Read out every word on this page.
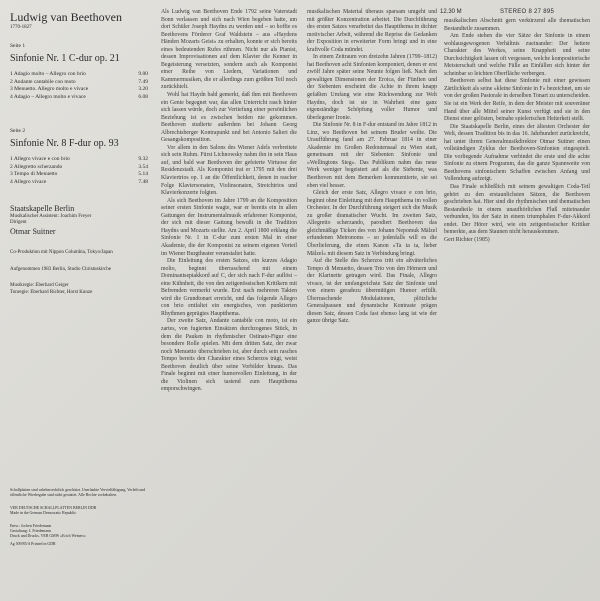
Ludwig van Beethoven
1770-1827
Seite 1
Sinfonie Nr. 1 C-dur op. 21
1 Adagio molto – Allegro con brio	9.00
2 Andante cantabile con moto	7.49
3 Menuetto. Allegro molto e vivace	3.20
4 Adagio – Allegro molto e vivace	6.08
Seite 2
Sinfonie Nr. 8 F-dur op. 93
1 Allegro vivace e con brio	9.32
2 Allegretto scherzando	3.54
3 Tempo di Menuetto	5.14
4 Allegro vivace	7.48
Staatskapelle Berlin
Musikalischer Assistent: Joachim Freyer
Dirigent
Otmar Suitner

Co-Produktion mit Nippon Columbia, Tokyo/Japan

Aufgenommen 1983 Berlin, Studio Christuskirche

Musikregie: Eberhard Geiger
Tonregie: Eberhard Richter, Horst Kunze

Schallplatten sind urheberrechtlich geschützt. Unerlaubte Vervielfältigung, Verleih und öffentliche Wiedergabe sind nicht gestattet. Alle Rechte vorbehalten.

VEB DEUTSCHE SCHALLPLATTEN BERLIN DDR
Made in the German Democratic Republic

Entw.: Jochen Friedemann
Gestaltung: J. Friedemann
Druck und Drucks. VEB GMW »Erich Weinert«

Ag 509/85/A Printed in GDR

12.30 M	STEREO 8 27 895

Als Ludwig van Beethoven Ende 1792 seine Vaterstadt Bonn verlassen und sich nach Wien begeben hatte, um dort Schüler Joseph Haydns zu werden und – so hoffte es Beethovens Förderer Graf Waldstein – aus »Haydens Händen Mozarts Geist« zu erhalten, konnte er sich bereits eines bedeutenden Rufes rühmen. Nicht nur als Pianist, dessen Improvisationen auf dem Klavier die Kenner in Begeisterung versetzten, sondern auch als Komponist einer Reihe von Liedern, Variationen und Kammermusiken, die er allerdings zum größten Teil noch zurückhielt.

Wohl hat Haydn bald gemerkt, daß ihm mit Beethoven ein Genie begegnet war, das allen Unterricht rasch hinter sich lassen würde, doch zur Vertiefung einer persönlichen Beziehung ist es zwischen beiden nie gekommen. Beethoven studierte außerdem bei Johann Georg Albrechtsberger Kontrapunkt und bei Antonio Salieri die Gesangskomposition.

Vor allem in den Salons des Wiener Adels verbreitete sich sein Ruhm. Fürst Lichnowsky nahm ihn in sein Haus auf, und bald war Beethoven der gefeierte Virtuose der Residenzstadt. Als Komponist trat er 1795 mit den drei Klaviertrios op. 1 an die Öffentlichkeit, denen in rascher Folge Klaviersonaten, Violinsonaten, Streichtrios und Klavierkonzerte folgten.

Als sich Beethoven im Jahre 1799 an die Komposition seiner ersten Sinfonie wagte, war er bereits ein in allen Gattungen der Instrumentalmusik erfahrener Komponist, der sich mit dieser Gattung bewußt in die Tradition Haydns und Mozarts stellte. Am 2. April 1800 erklang die Sinfonie Nr. 1 in C-dur zum ersten Mal in einer Akademie, die der Komponist zu seinem eigenen Vorteil im Wiener Burgtheater veranstaltet hatte.

Die Einleitung des ersten Satzes, ein kurzes Adagio molto, beginnt überraschend mit einem Dominantseptakkord auf C, der sich nach F-dur auflöst – eine Kühnheit, die von den zeitgenössischen Kritikern mit Befremden vermerkt wurde. Erst nach mehreren Takten wird die Grundtonart erreicht, und das folgende Allegro con brio entfaltet ein energisches, von punktierten Rhythmen geprägtes Hauptthema.

Der zweite Satz, Andante cantabile con moto, ist ein zartes, von fugierten Einsätzen durchzogenes Stück, in dem die Pauken in rhythmischer Ostinato-Figur eine besondere Rolle spielen. Mit dem dritten Satz, der zwar noch Menuetto überschrieben ist, aber durch sein rasches Tempo bereits den Charakter eines Scherzos trägt, weist Beethoven deutlich über seine Vorbilder hinaus. Das Finale beginnt mit einer humorvollen Einleitung, in der die Violinen sich tastend zum Hauptthema emporschwingen.

musikalischen Material überaus sparsam umgeht und mit größter Konzentration arbeitet. Die Durchführung des ersten Satzes verarbeitet das Hauptthema in dichter motivischer Arbeit, während die Reprise die Gedanken der Exposition in erweiterter Form bringt und in eine kraftvolle Coda mündet.

In einem Zeitraum von dreizehn Jahren (1799–1812) hat Beethoven acht Sinfonien komponiert, denen er erst zwölf Jahre später seine Neunte folgen ließ. Nach den gewaltigen Dimensionen der Eroica, der Fünften und der Siebenten erscheint die Achte in ihrem knapp gefaßten Umfang wie eine Rückwendung zur Welt Haydns, doch ist sie in Wahrheit eine ganz eigenständige Schöpfung voller Humor und überlegener Ironie.

Die Sinfonie Nr. 8 in F-dur entstand im Jahre 1812 in Linz, wo Beethoven bei seinem Bruder weilte. Die Uraufführung fand am 27. Februar 1814 in einer Akademie im Großen Redoutensaal zu Wien statt, gemeinsam mit der Siebenten Sinfonie und »Wellingtons Sieg«. Das Publikum nahm das neue Werk weniger begeistert auf als die Siebente, was Beethoven mit dem Bemerken kommentierte, sie sei eben viel besser.

Gleich der erste Satz, Allegro vivace e con brio, beginnt ohne Einleitung mit dem Hauptthema im vollen Orchester. In der Durchführung steigert sich die Musik zu großer dramatischer Wucht. Im zweiten Satz, Allegretto scherzando, parodiert Beethoven das gleichmäßige Ticken des von Johann Nepomuk Mälzel erfundenen Metronoms – so jedenfalls will es die Überlieferung, die einen Kanon »Ta ta ta, lieber Mälzel« mit diesem Satz in Verbindung bringt.

Auf die Stelle des Scherzos tritt ein altväterliches Tempo di Menuetto, dessen Trio von den Hörnern und der Klarinette getragen wird. Das Finale, Allegro vivace, ist der umfangreichste Satz der Sinfonie und von einem geradezu übermütigen Humor erfüllt. Überraschende Modulationen, plötzliche Generalpausen und dynamische Kontraste prägen diesen Satz, dessen Coda fast ebenso lang ist wie der ganze übrige Satz.

musikalischen Abschnitt gern verkürzend alle thematischen Bestandteile zusammen.

Am Ende stehen die vier Sätze der Sinfonie in einem wohlausgewogenen Verhältnis zueinander: Der heitere Charakter des Werkes, seine Knappheit und seine Durchsichtigkeit lassen oft vergessen, welche kompositorische Meisterschaft und welche Fülle an Einfällen sich hinter der scheinbar so leichten Oberfläche verbergen.

Beethoven selbst hat diese Sinfonie mit einer gewissen Zärtlichkeit als seine »kleine Sinfonie in F« bezeichnet, um sie von der großen Pastorale in derselben Tonart zu unterscheiden. Sie ist ein Werk der Reife, in dem der Meister mit souveräner Hand über alle Mittel seiner Kunst verfügt und sie in den Dienst einer gelösten, beinahe spielerischen Heiterkeit stellt.

Die Staatskapelle Berlin, eines der ältesten Orchester der Welt, dessen Tradition bis in das 16. Jahrhundert zurückreicht, hat unter ihrem Generalmusikdirektor Otmar Suitner einen vollständigen Zyklus der Beethoven-Sinfonien eingespielt. Die vorliegende Aufnahme verbindet die erste und die achte Sinfonie zu einem Programm, das die ganze Spannweite von Beethovens sinfonischem Schaffen zwischen Anfang und Vollendung aufzeigt.

Das Finale schließlich mit seinem gewaltigen Coda-Teil gehört zu den erstaunlichsten Sätzen, die Beethoven geschrieben hat. Hier sind die rhythmischen und thematischen Bestandteile in einem unaufhörlichen Fluß miteinander verbunden, bis der Satz in einem triumphalen F-dur-Akkord endet. Der Hörer wird, wie ein zeitgenössischer Kritiker bemerkte, aus dem Staunen nicht herauskommen.

Gert Richter (1985)
